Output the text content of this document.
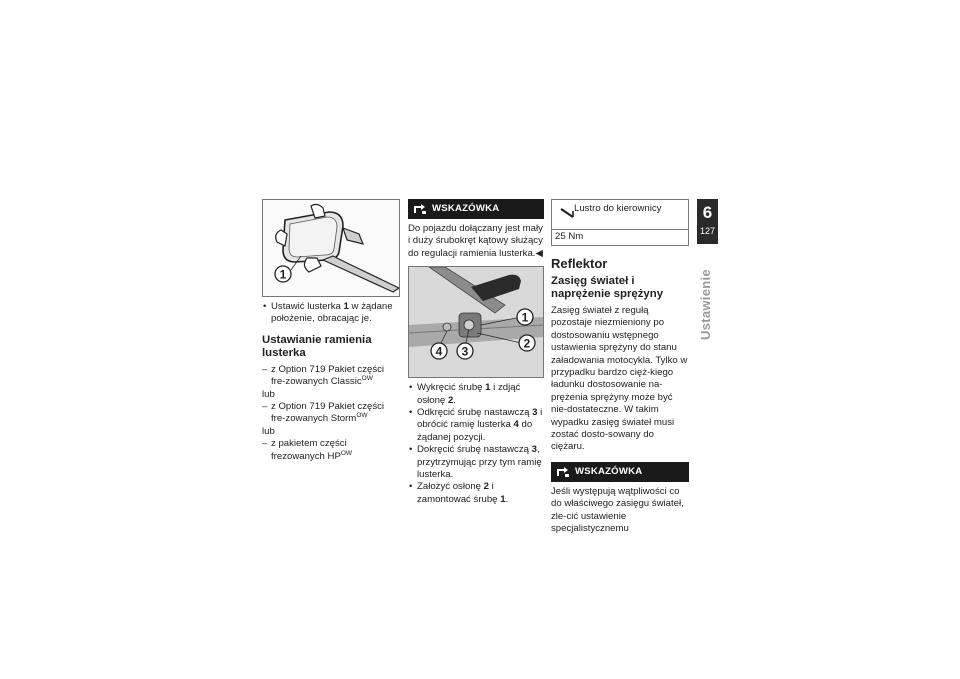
1

• Ustawić lusterka 1 w żądane położenie, obracając je.

Ustawianie ramienia lusterka

– z Option 719 Pakiet części fre-zowanych Classic$^{OW}$

lub

– z Option 719 Pakiet części fre-zowanych Storm$^{OW}$

lub

– z pakietem części frezowanych $HP^{OW}$

WSKAZÓWKA

Do pojazdu dołączany jest mały i duży śrubokręt kątowy służący do regulacji ramienia lusterka.◀

1
2
3
4

• Wykręcić śrubę 1 i zdjąć osłonę 2.

• Odkręcić śrubę nastawczą 3 i obrócić ramię lusterka 4 do żądanej pozycji.

• Dokręcić śrubę nastawczą 3, przytrzymując przy tym ramię lusterka.

• Założyć osłonę 2 i zamontować śrubę 1.

Lustro do kierownicy
25 Nm
Reflektor
Zasięg świateł i naprężenie sprężyny

Zasięg świateł z regułą pozostaje niezmieniony po dostosowaniu wstępnego ustawienia sprężyny do stanu załadowania motocykla. Tylko w przypadku bardzo cięż-kiego ładunku dostosowanie na-prężenia sprężyny może być nie-dostateczne. W takim wypadku zasięg świateł musi zostać dosto-sowany do ciężaru.

WSKAZÓWKA

Jeśli występują wątpliwości co do właściwego zasięgu świateł, zle-cić ustawienie specjalistycznemu

6
127
Ustawienie
